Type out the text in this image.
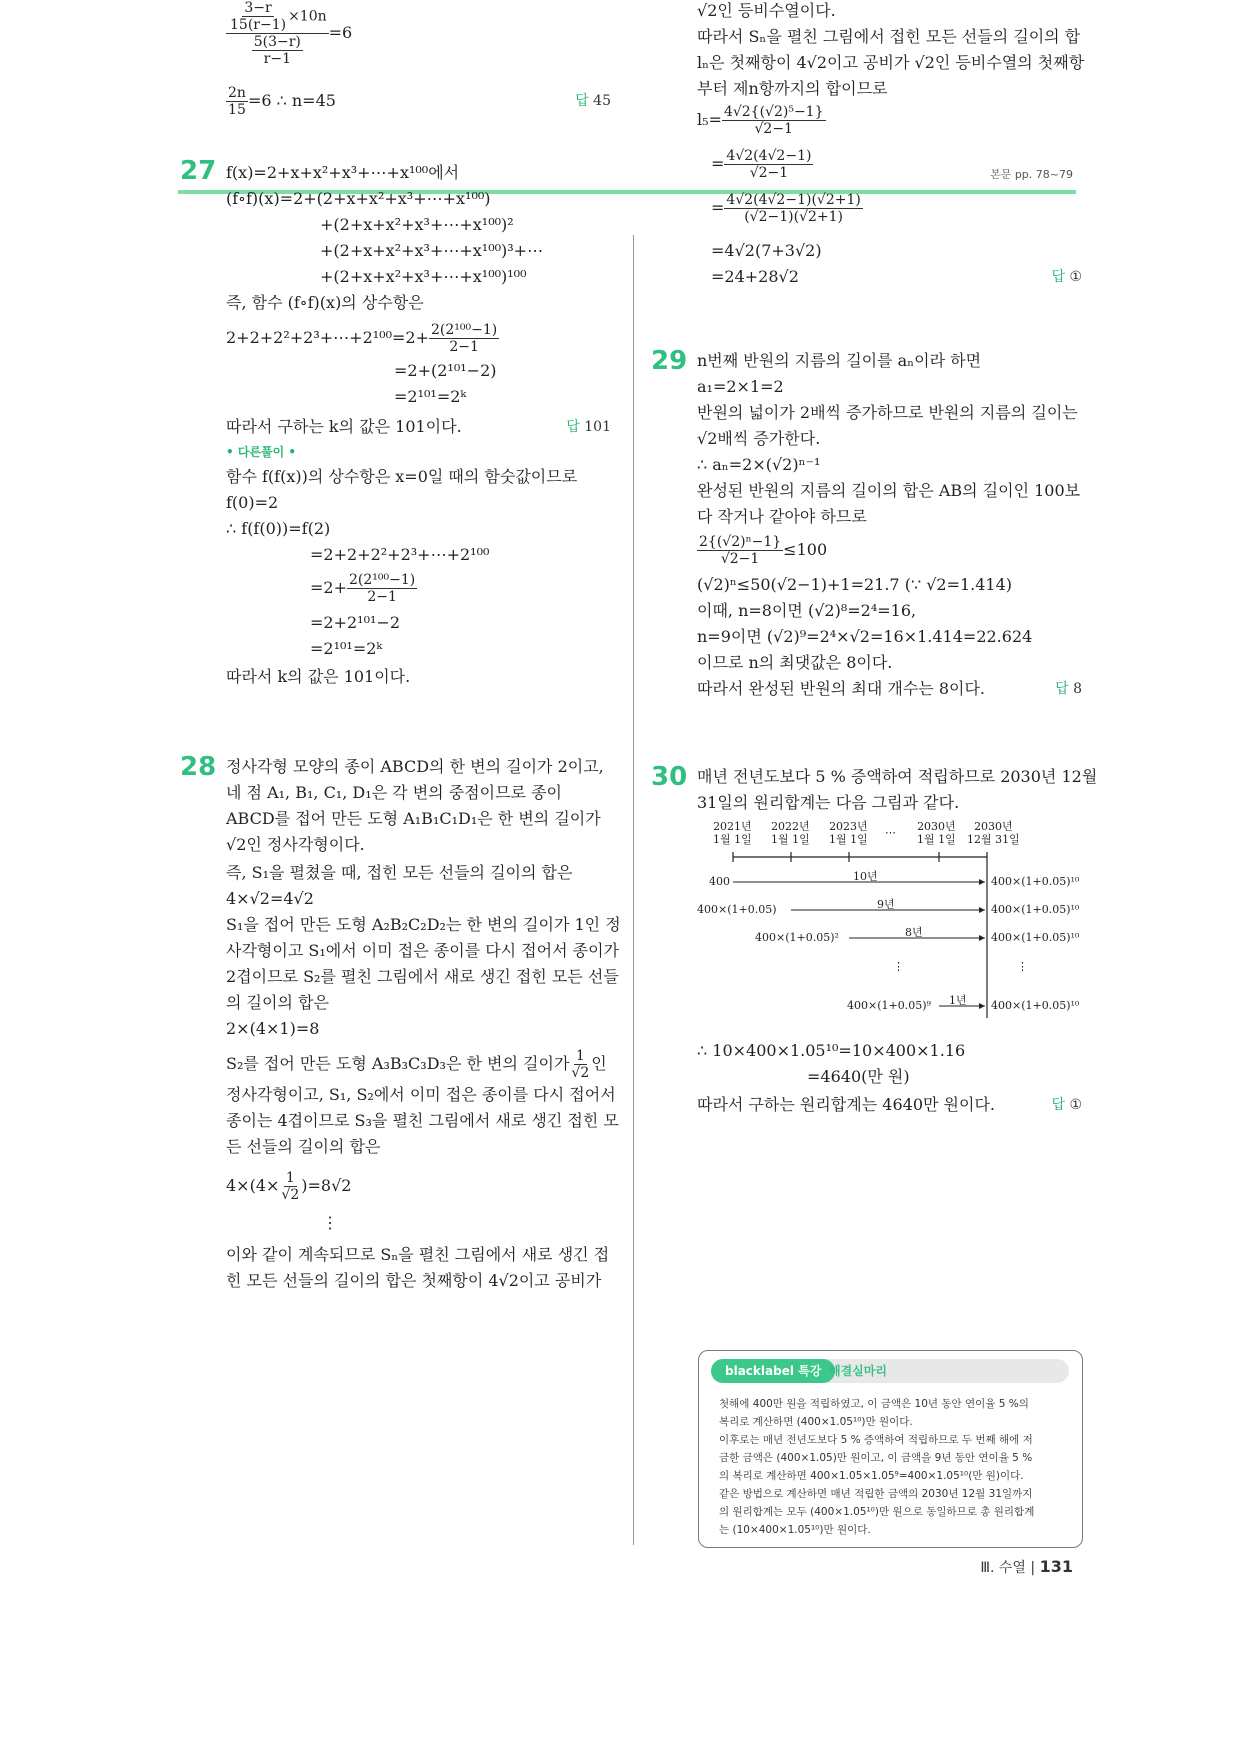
본문 pp. 78~79
$\frac{\frac{3-r}{15(r-1)} \times 10n}{\frac{5(3-r)}{r-1}} =6$
$\frac{2n}{15} =6$ ∴ n=45	답 45
27 f(x)=2+x+x²+x³+⋯+x¹⁰⁰에서
(f∘f)(x)=2+(2+x+x²+x³+⋯+x¹⁰⁰)
+(2+x+x²+x³+⋯+x¹⁰⁰)²
+(2+x+x²+x³+⋯+x¹⁰⁰)³+⋯
+(2+x+x²+x³+⋯+x¹⁰⁰)¹⁰⁰
즉, 함수 (f∘f)(x)의 상수항은
2+2+2²+2³+⋯+2¹⁰⁰=2+ $\frac{\text{2(2¹⁰⁰−1)}}{2-1}$
=2+(2¹⁰¹−2)
=2¹⁰¹=2ᵏ
따라서 구하는 k의 값은 101이다.	답 101
• 다른풀이 •
함수 f(f(x))의 상수항은 x=0일 때의 함숫값이므로
f(0)=2
∴ f(f(0))=f(2)
=2+2+2²+2³+⋯+2¹⁰⁰
$=2+ \frac{\text{2(2¹⁰⁰−1)}}{2-1}$
=2+2¹⁰¹−2
=2¹⁰¹=2ᵏ
따라서 k의 값은 101이다.
28 정사각형 모양의 종이 ABCD의 한 변의 길이가 2이고,
네 점 A₁, B₁, C₁, D₁은 각 변의 중점이므로 종이
ABCD를 접어 만든 도형 A₁B₁C₁D₁은 한 변의 길이가
√2인 정사각형이다.
즉, S₁을 펼쳤을 때, 접힌 모든 선들의 길이의 합은
4×√2=4√2
S₁을 접어 만든 도형 A₂B₂C₂D₂는 한 변의 길이가 1인 정
사각형이고 S₁에서 이미 접은 종이를 다시 접어서 종이가
2겹이므로 S₂를 펼친 그림에서 새로 생긴 접힌 모든 선들
의 길이의 합은
2×(4×1)=8
S₂를 접어 만든 도형 A₃B₃C₃D₃은 한 변의 길이가 $\frac{1}{√2}$ 인
정사각형이고, S₁, S₂에서 이미 접은 종이를 다시 접어서
종이는 4겹이므로 S₃을 펼친 그림에서 새로 생긴 접힌 모
든 선들의 길이의 합은
$4\times(4\times \frac{1}{√2} )=8√2$
⋮
이와 같이 계속되므로 Sₙ을 펼친 그림에서 새로 생긴 접
힌 모든 선들의 길이의 합은 첫째항이 4√2이고 공비가
√2인 등비수열이다.
따라서 Sₙ을 펼친 그림에서 접힌 모든 선들의 길이의 합
lₙ은 첫째항이 4√2이고 공비가 √2인 등비수열의 첫째항
부터 제n항까지의 합이므로
$l_5= \frac{\text{4√2\{(√2)⁵−1\}}}{√2-1}$
= $\frac{4√2(4√2-1)}{√2-1}$
= $\frac{4√2(4√2-1)(√2+1)}{(√2-1)(√2+1)}$
=4√2(7+3√2)
=24+28√2	답 ①
29 n번째 반원의 지름의 길이를 aₙ이라 하면
a₁=2×1=2
반원의 넓이가 2배씩 증가하므로 반원의 지름의 길이는
√2배씩 증가한다.
∴ aₙ=2×(√2)ⁿ⁻¹
완성된 반원의 지름의 길이의 합은 AB의 길이인 100보
다 작거나 같아야 하므로
$\frac{\text{2\{(√2)ⁿ−1\}}}{√2-1} \le 100$
(√2)ⁿ≤50(√2−1)+1=21.7 (∵ √2=1.414)
이때, n=8이면 (√2)⁸=2⁴=16,
n=9이면 (√2)⁹=2⁴×√2=16×1.414=22.624
이므로 n의 최댓값은 8이다.
따라서 완성된 반원의 최대 개수는 8이다.	답 8
30 매년 전년도보다 5 % 증액하여 적립하므로 2030년 12월
31일의 원리합계는 다음 그림과 같다.
2021년
1월 1일
2022년
1월 1일
2023년
1월 1일
⋯ 2030년
1월 1일
2030년
12월 31일
400	10년	400×(1+0.05)¹⁰
400×(1+0.05)	9년	400×(1+0.05)¹⁰
400×(1+0.05)²	8년	400×(1+0.05)¹⁰
⋮	⋮
400×(1+0.05)⁹ 1년 400×(1+0.05)¹⁰
∴ 10×400×1.05¹⁰=10×400×1.16
=4640(만 원)
따라서 구하는 원리합계는 4640만 원이다.	답 ①
blacklabel 특강 해결실마리
첫해에 400만 원을 적립하였고, 이 금액은 10년 동안 연이율 5 %의
복리로 계산하면 (400×1.05¹⁰)만 원이다.
이후로는 매년 전년도보다 5 % 증액하여 적립하므로 두 번째 해에 저
금한 금액은 (400×1.05)만 원이고, 이 금액을 9년 동안 연이율 5 %
의 복리로 계산하면 400×1.05×1.05⁹=400×1.05¹⁰(만 원)이다.
같은 방법으로 계산하면 매년 적립한 금액의 2030년 12월 31일까지
의 원리합계는 모두 (400×1.05¹⁰)만 원으로 동일하므로 총 원리합계
는 (10×400×1.05¹⁰)만 원이다.
Ⅲ. 수열 | 131
